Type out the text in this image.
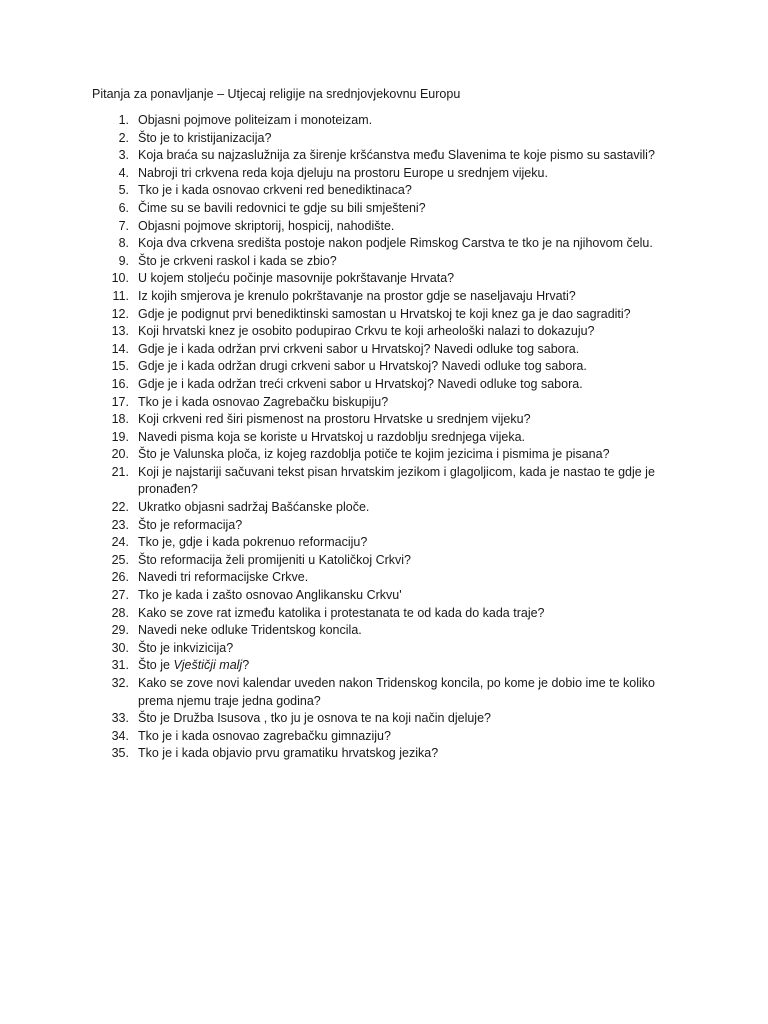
Pitanja za ponavljanje – Utjecaj religije na srednjovjekovnu Europu
1. Objasni pojmove politeizam i monoteizam.
2. Što je to kristijanizacija?
3. Koja braća su najzaslužnija za širenje kršćanstva među Slavenima te koje pismo su sastavili?
4. Nabroji tri crkvena reda koja djeluju na prostoru Europe u srednjem vijeku.
5. Tko je i kada osnovao crkveni red benediktinaca?
6. Čime su se bavili redovnici te gdje su bili smješteni?
7. Objasni pojmove skriptorij, hospicij, nahodište.
8. Koja dva crkvena središta postoje nakon podjele Rimskog Carstva te tko je na njihovom čelu.
9. Što je crkveni raskol i kada se zbio?
10. U kojem stoljeću počinje masovnije pokrštavanje Hrvata?
11. Iz kojih smjerova je krenulo pokrštavanje na prostor gdje se naseljavaju Hrvati?
12. Gdje je podignut prvi benediktinski samostan u Hrvatskoj te koji knez ga je dao sagraditi?
13. Koji hrvatski knez je osobito podupirao Crkvu te koji arheološki nalazi to dokazuju?
14. Gdje je i kada održan prvi crkveni sabor u Hrvatskoj? Navedi odluke tog sabora.
15. Gdje je i kada održan drugi crkveni sabor u Hrvatskoj? Navedi odluke tog sabora.
16. Gdje je i kada održan treći crkveni sabor u Hrvatskoj? Navedi odluke tog sabora.
17. Tko je i kada osnovao Zagrebačku biskupiju?
18. Koji crkveni red širi pismenost na prostoru Hrvatske u srednjem vijeku?
19. Navedi pisma koja se koriste u Hrvatskoj u razdoblju srednjega vijeka.
20. Što je Valunska ploča, iz kojeg razdoblja potiče te kojim jezicima i pismima je pisana?
21. Koji je najstariji sačuvani tekst pisan hrvatskim jezikom i glagoljicom, kada je nastao te gdje je pronađen?
22. Ukratko objasni sadržaj Bašćanske ploče.
23. Što je reformacija?
24. Tko je, gdje i kada pokrenuo reformaciju?
25. Što reformacija želi promijeniti u Katoličkoj Crkvi?
26. Navedi tri reformacijske Crkve.
27. Tko je kada i zašto osnovao Anglikansku Crkvu'
28. Kako se zove rat između katolika i protestanata te od kada do kada traje?
29. Navedi neke odluke Tridentskog koncila.
30. Što je inkvizicija?
31. Što je Vještičji malj?
32. Kako se zove novi kalendar uveden nakon Tridenskog koncila, po kome je dobio ime te koliko prema njemu traje jedna godina?
33. Što je Družba Isusova , tko ju je osnova te na koji način djeluje?
34. Tko je i kada osnovao zagrebačku gimnaziju?
35. Tko je i kada objavio prvu gramatiku hrvatskog jezika?
